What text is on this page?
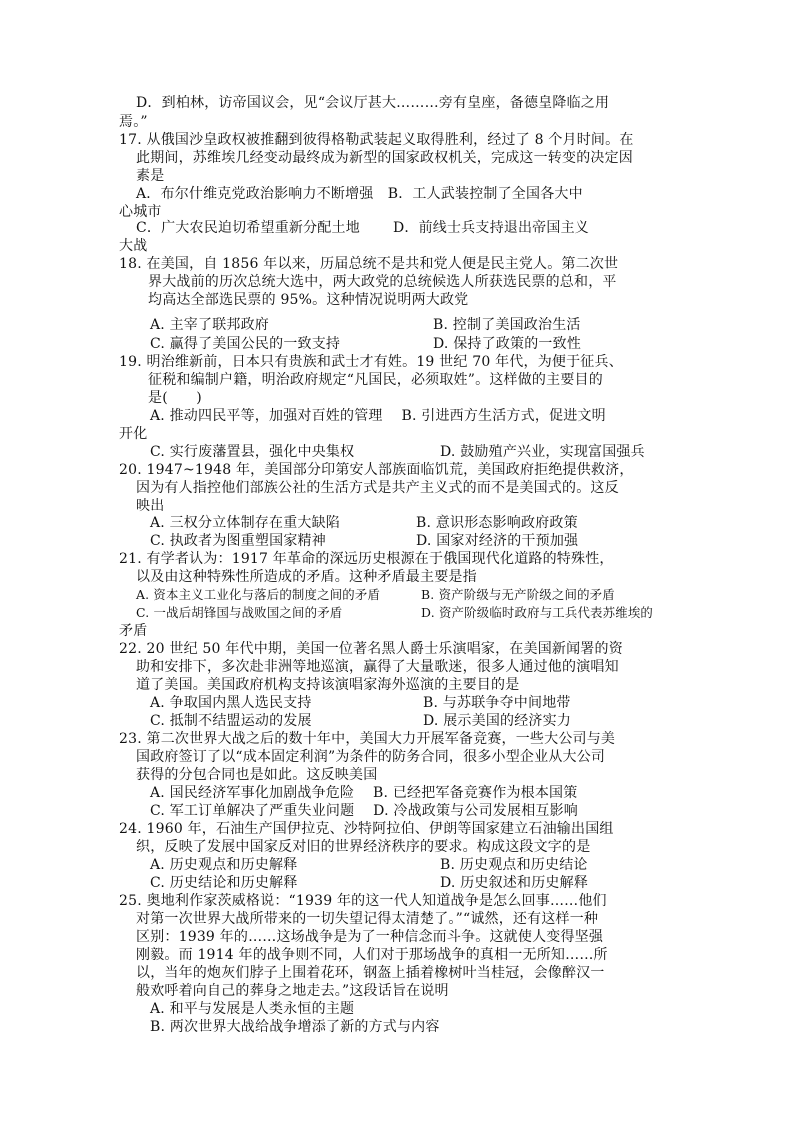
D．到柏林，访帝国议会，见“会议厅甚大………旁有皇座，备德皇降临之用
焉。”
17. 从俄国沙皇政权被推翻到彼得格勒武装起义取得胜利，经过了 8 个月时间。在
此期间，苏维埃几经变动最终成为新型的国家政权机关，完成这一转变的决定因
素是
A．布尔什维克党政治影响力不断增强　B．工人武装控制了全国各大中
心城市
C．广大农民迫切希望重新分配土地　　 D．前线士兵支持退出帝国主义
大战
18. 在美国，自 1856 年以来，历届总统不是共和党人便是民主党人。第二次世
界大战前的历次总统大选中，两大政党的总统候选人所获选民票的总和，平
均高达全部选民票的 95%。这种情况说明两大政党
A. 主宰了联邦政府	B. 控制了美国政治生活
C. 赢得了美国公民的一致支持	D. 保持了政策的一致性
19. 明治维新前，日本只有贵族和武士才有姓。19 世纪 70 年代，为便于征兵、
征税和编制户籍，明治政府规定“凡国民，必须取姓”。这样做的主要目的
是(　　)
A. 推动四民平等，加强对百姓的管理　 B. 引进西方生活方式，促进文明
开化
C. 实行废藩置县，强化中央集权	D. 鼓励殖产兴业，实现富国强兵
20. 1947~1948 年，美国部分印第安人部族面临饥荒，美国政府拒绝提供救济，
因为有人指控他们部族公社的生活方式是共产主义式的而不是美国式的。这反
映出
A. 三权分立体制存在重大缺陷	B. 意识形态影响政府政策
C. 执政者为图重塑国家精神	D. 国家对经济的干预加强
21. 有学者认为：1917 年革命的深远历史根源在于俄国现代化道路的特殊性，
以及由这种特殊性所造成的矛盾。这种矛盾最主要是指
A. 资本主义工业化与落后的制度之间的矛盾	B. 资产阶级与无产阶级之间的矛盾
C. 一战后胡锋国与战败国之间的矛盾	D. 资产阶级临时政府与工兵代表苏维埃的
矛盾
22. 20 世纪 50 年代中期，美国一位著名黑人爵士乐演唱家，在美国新闻署的资
助和安排下，多次赴非洲等地巡演，赢得了大量歌迷，很多人通过他的演唱知
道了美国。美国政府机构支持该演唱家海外巡演的主要目的是
A. 争取国内黑人选民支持	B. 与苏联争夺中间地带
C. 抵制不结盟运动的发展	D. 展示美国的经济实力
23. 第二次世界大战之后的数十年中，美国大力开展军备竞赛，一些大公司与美
国政府签订了以“成本固定利润”为条件的防务合同，很多小型企业从大公司
获得的分包合同也是如此。这反映美国
A. 国民经济军事化加剧战争危险　 B. 已经把军备竞赛作为根本国策
C. 军工订单解决了严重失业问题　 D. 冷战政策与公司发展相互影响
24. 1960 年，石油生产国伊拉克、沙特阿拉伯、伊朗等国家建立石油输出国组
织，反映了发展中国家反对旧的世界经济秩序的要求。构成这段文字的是
A. 历史观点和历史解释	B. 历史观点和历史结论
C. 历史结论和历史解释	D. 历史叙述和历史解释
25. 奥地利作家茨威格说：“1939 年的这一代人知道战争是怎么回事……他们
对第一次世界大战所带来的一切失望记得太清楚了。”“诚然，还有这样一种
区别：1939 年的……这场战争是为了一种信念而斗争。这就使人变得坚强
刚毅。而 1914 年的战争则不同，人们对于那场战争的真相一无所知……所
以，当年的炮灰们脖子上围着花环，钢盔上插着橡树叶当桂冠，会像醉汉一
般欢呼着向自己的葬身之地走去。”这段话旨在说明
A. 和平与发展是人类永恒的主题
B. 两次世界大战给战争增添了新的方式与内容
